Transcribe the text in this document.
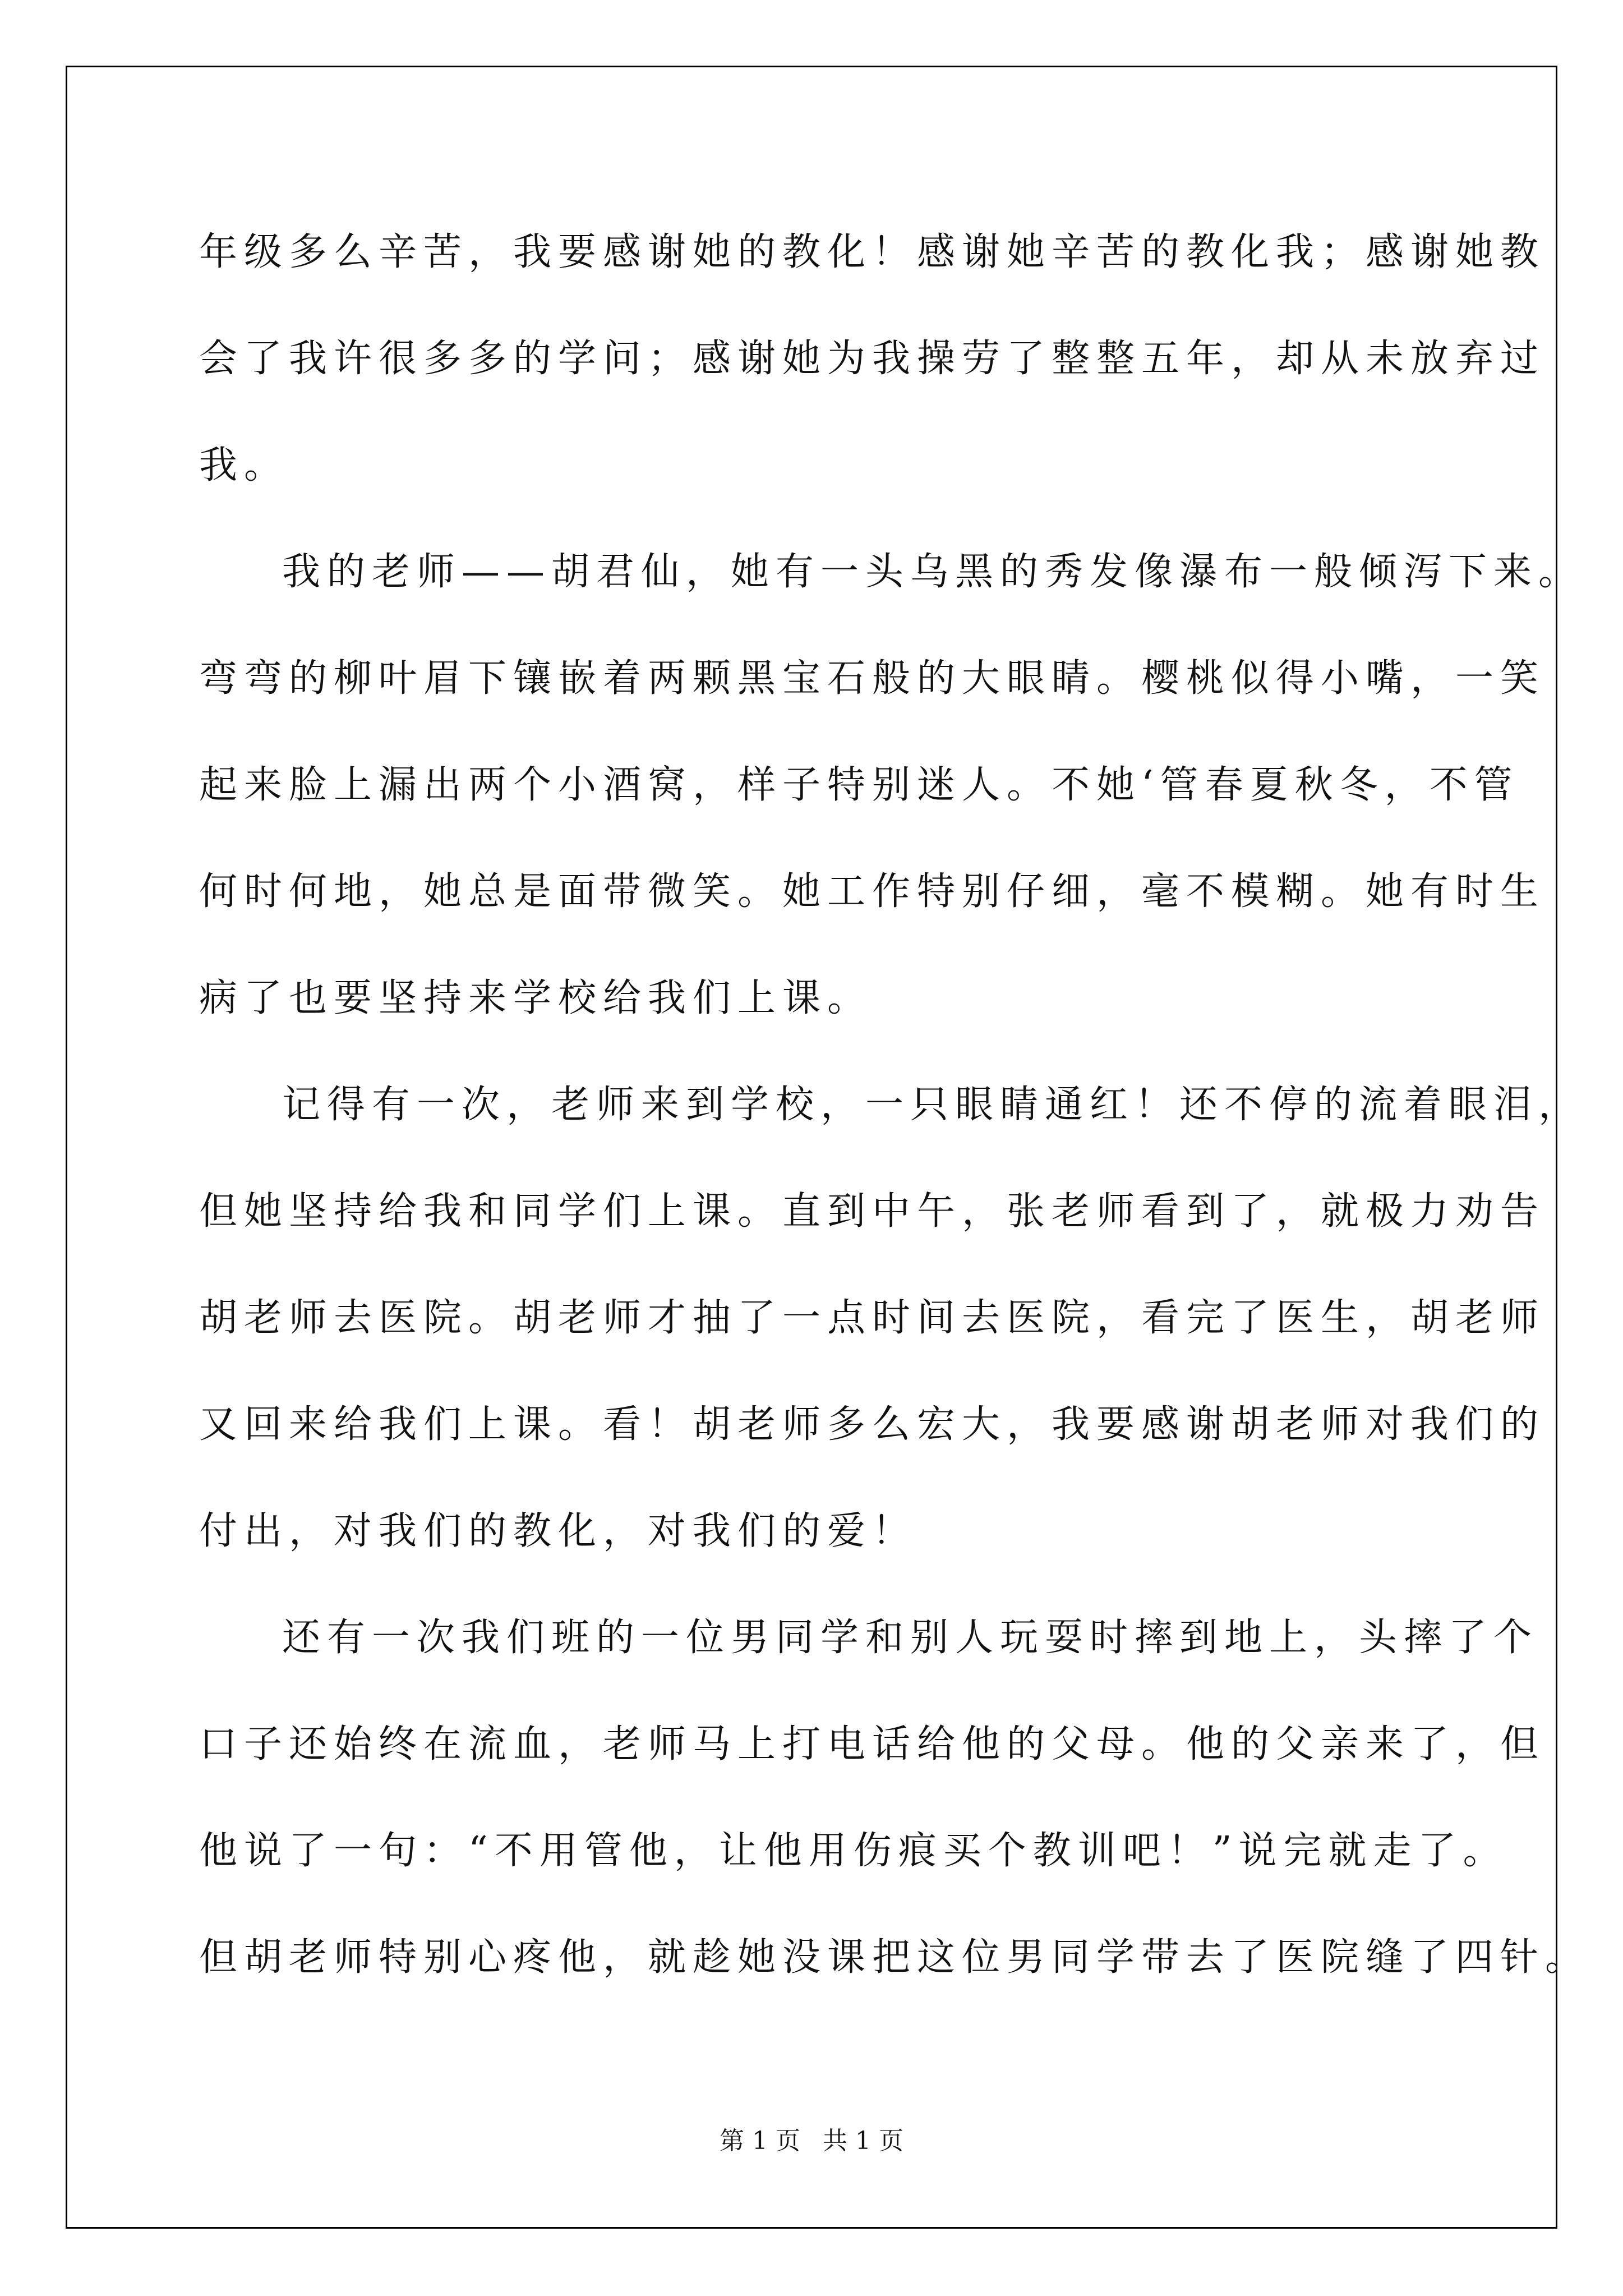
年级多么辛苦，我要感谢她的教化！感谢她辛苦的教化我；感谢她教
会了我许很多多的学问；感谢她为我操劳了整整五年，却从未放弃过
我。
我的老师——胡君仙，她有一头乌黑的秀发像瀑布一般倾泻下来。
弯弯的柳叶眉下镶嵌着两颗黑宝石般的大眼睛。樱桃似得小嘴，一笑
起来脸上漏出两个小酒窝，样子特别迷人。不她‘管春夏秋冬，不管
何时何地，她总是面带微笑。她工作特别仔细，毫不模糊。她有时生
病了也要坚持来学校给我们上课。
记得有一次，老师来到学校，一只眼睛通红！还不停的流着眼泪，
但她坚持给我和同学们上课。直到中午，张老师看到了，就极力劝告
胡老师去医院。胡老师才抽了一点时间去医院，看完了医生，胡老师
又回来给我们上课。看！胡老师多么宏大，我要感谢胡老师对我们的
付出，对我们的教化，对我们的爱！
还有一次我们班的一位男同学和别人玩耍时摔到地上，头摔了个
口子还始终在流血，老师马上打电话给他的父母。他的父亲来了，但
他说了一句：“不用管他，让他用伤痕买个教训吧！”说完就走了。
但胡老师特别心疼他，就趁她没课把这位男同学带去了医院缝了四针。
第 1 页 共 1 页
